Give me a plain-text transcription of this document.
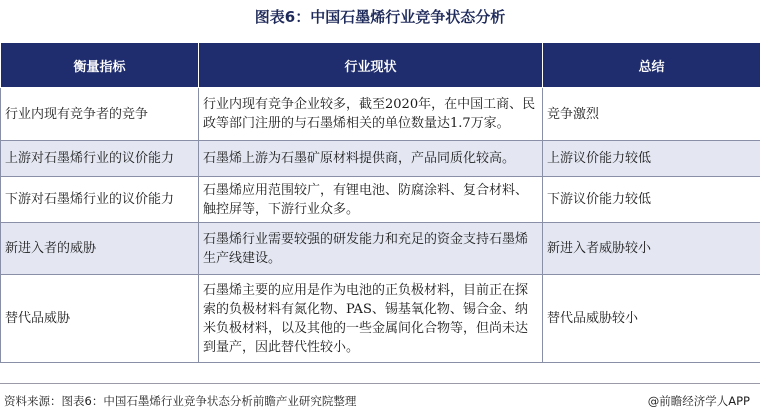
图表6：中国石墨烯行业竞争状态分析
衡量指标	行业现状	总结
行业内现有竞争者的竞争	行业内现有竞争企业较多，截至2020年，在中国工商、民政等部门注册的与石墨烯相关的单位数量达1.7万家。	竞争激烈
上游对石墨烯行业的议价能力	石墨烯上游为石墨矿原材料提供商，产品同质化较高。	上游议价能力较低
下游对石墨烯行业的议价能力	石墨烯应用范围较广，有锂电池、防腐涂料、复合材料、触控屏等，下游行业众多。	下游议价能力较低
新进入者的威胁	石墨烯行业需要较强的研发能力和充足的资金支持石墨烯生产线建设。	新进入者威胁较小
替代品威胁	石墨烯主要的应用是作为电池的正负极材料，目前正在探索的负极材料有氮化物、PAS、锡基氧化物、锡合金、纳米负极材料，以及其他的一些金属间化合物等，但尚未达到量产，因此替代性较小。	替代品威胁较小
资料来源：图表6：中国石墨烯行业竞争状态分析前瞻产业研究院整理	@前瞻经济学人APP
